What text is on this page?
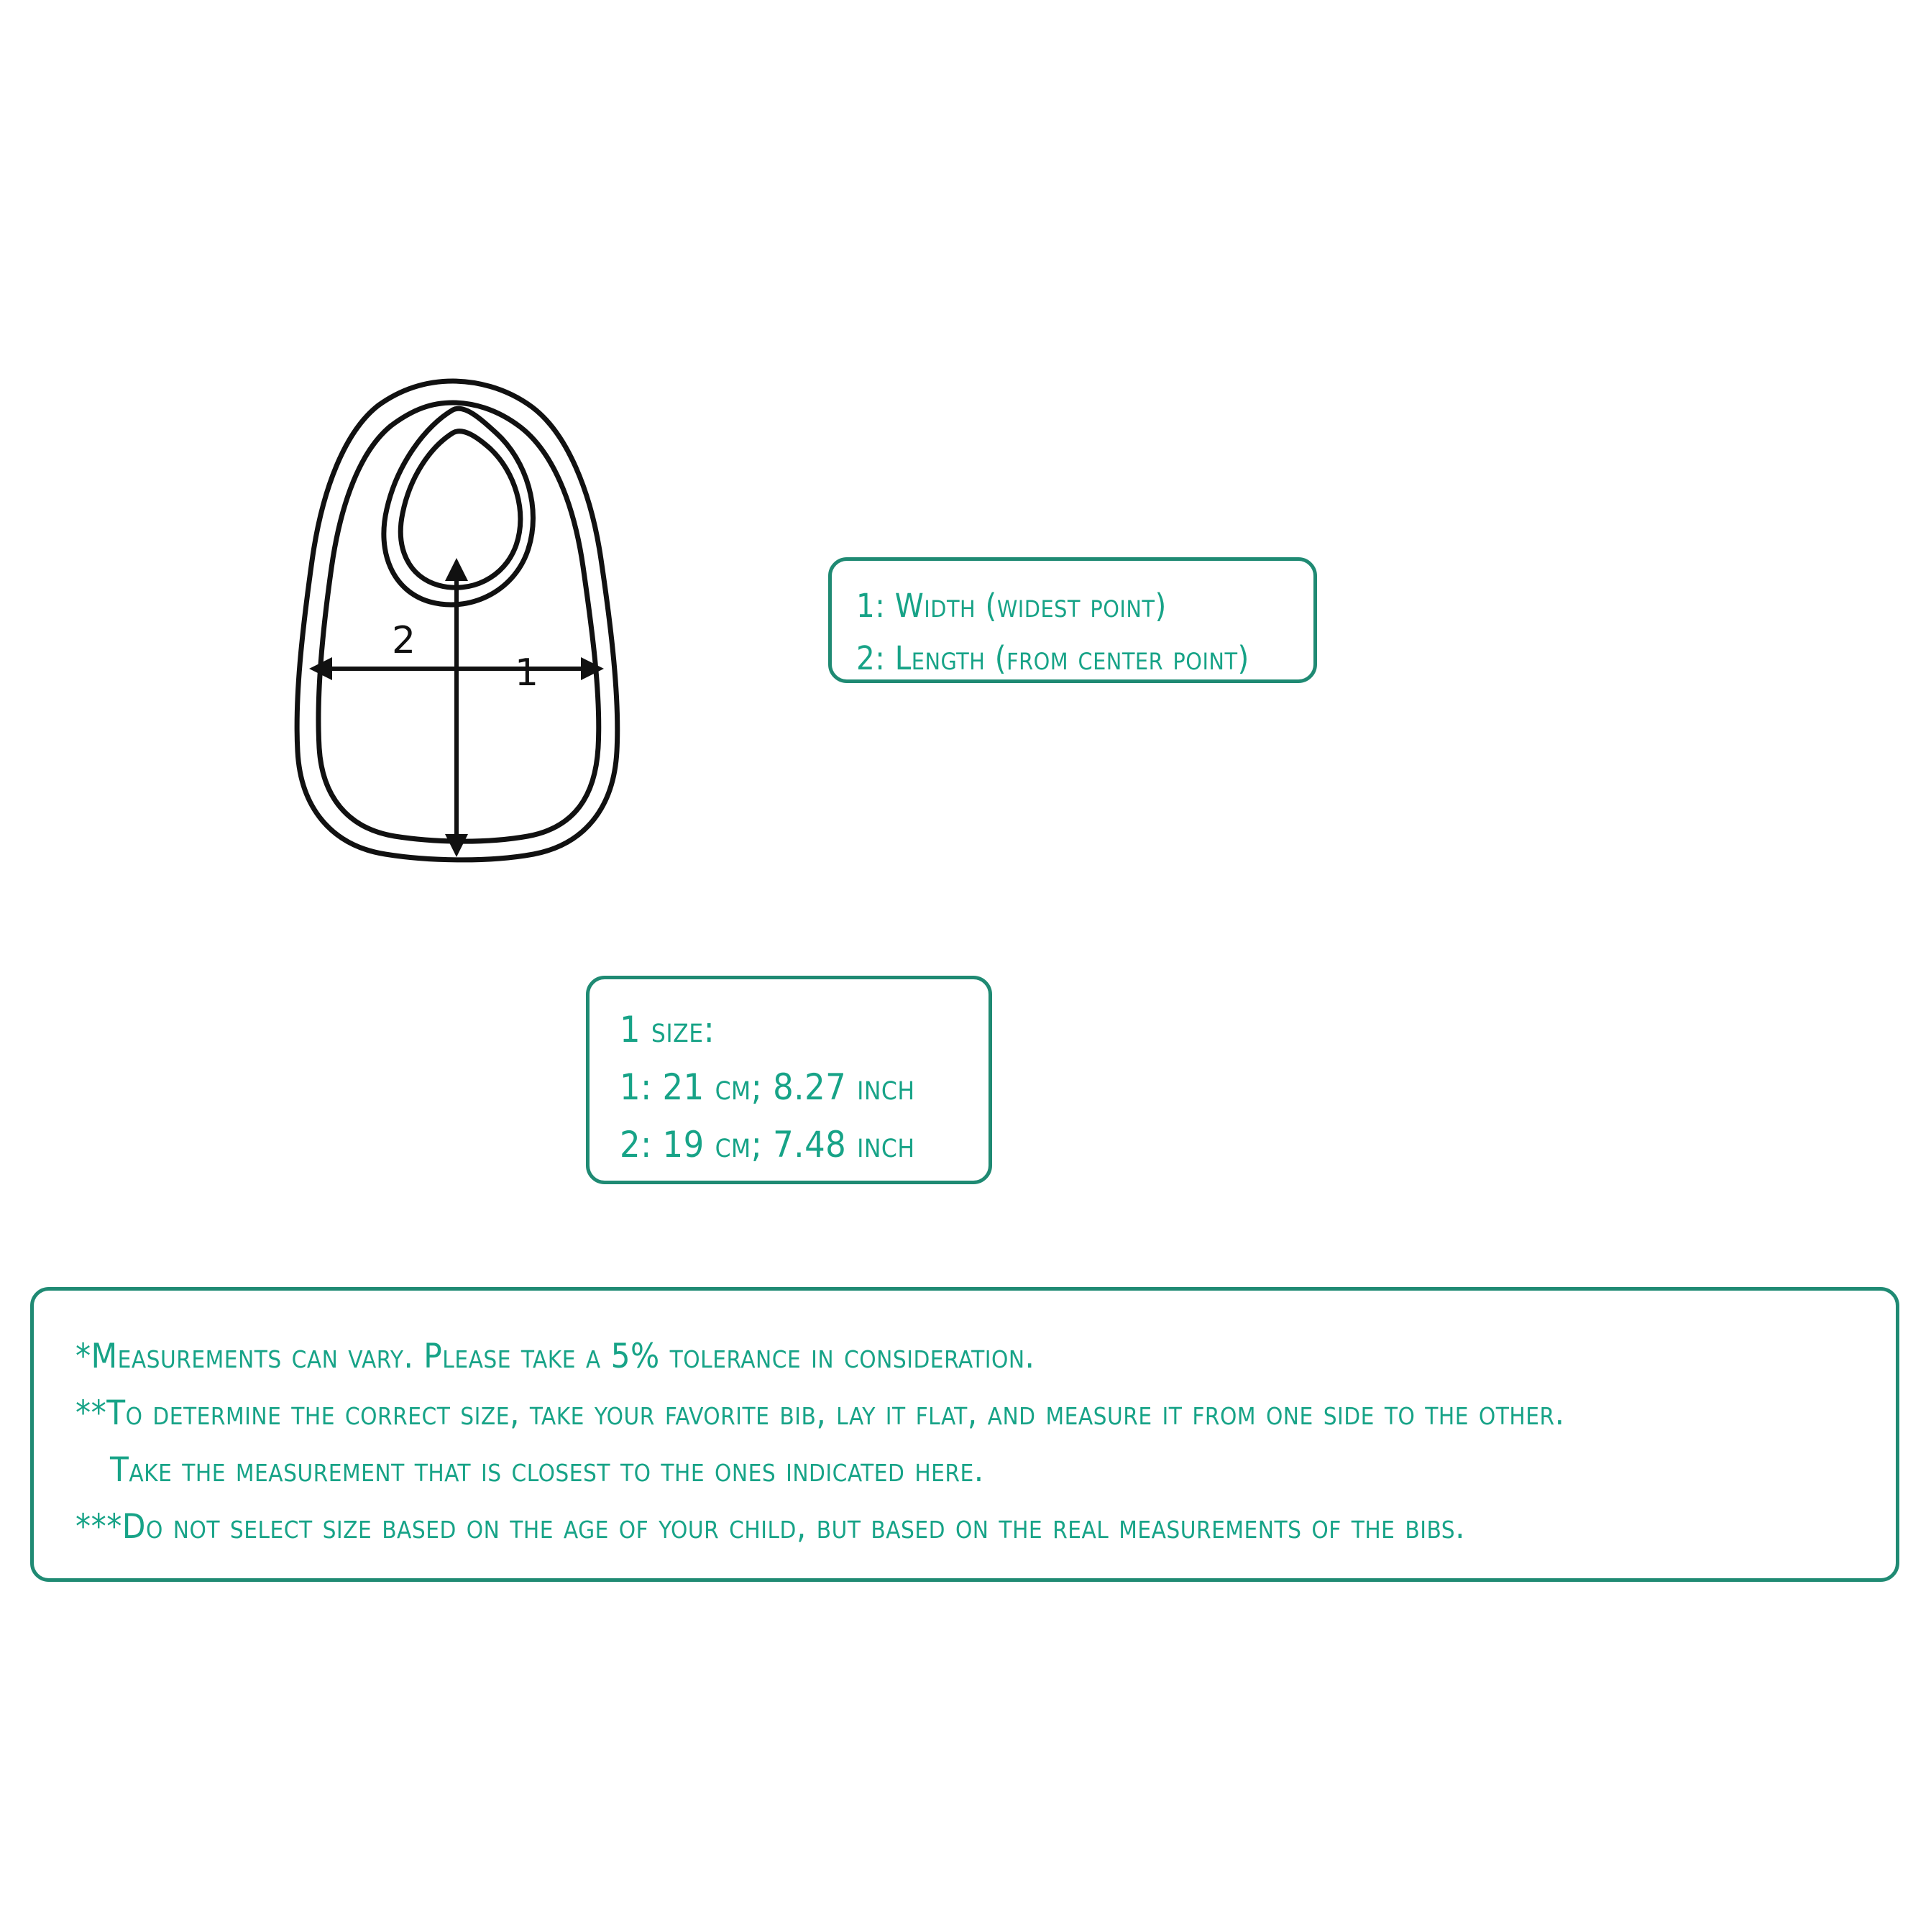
1
2
1: Width (widest point)
2: Length (from center point)
1 size:
1: 21 cm; 8.27 inch
2: 19 cm; 7.48 inch
*Measurements can vary. Please take a 5% tolerance in consideration.
**To determine the correct size, take your favorite bib, lay it flat, and measure it from one side to the other.
Take the measurement that is closest to the ones indicated here.
***Do not select size based on the age of your child, but based on the real measurements of the bibs.
